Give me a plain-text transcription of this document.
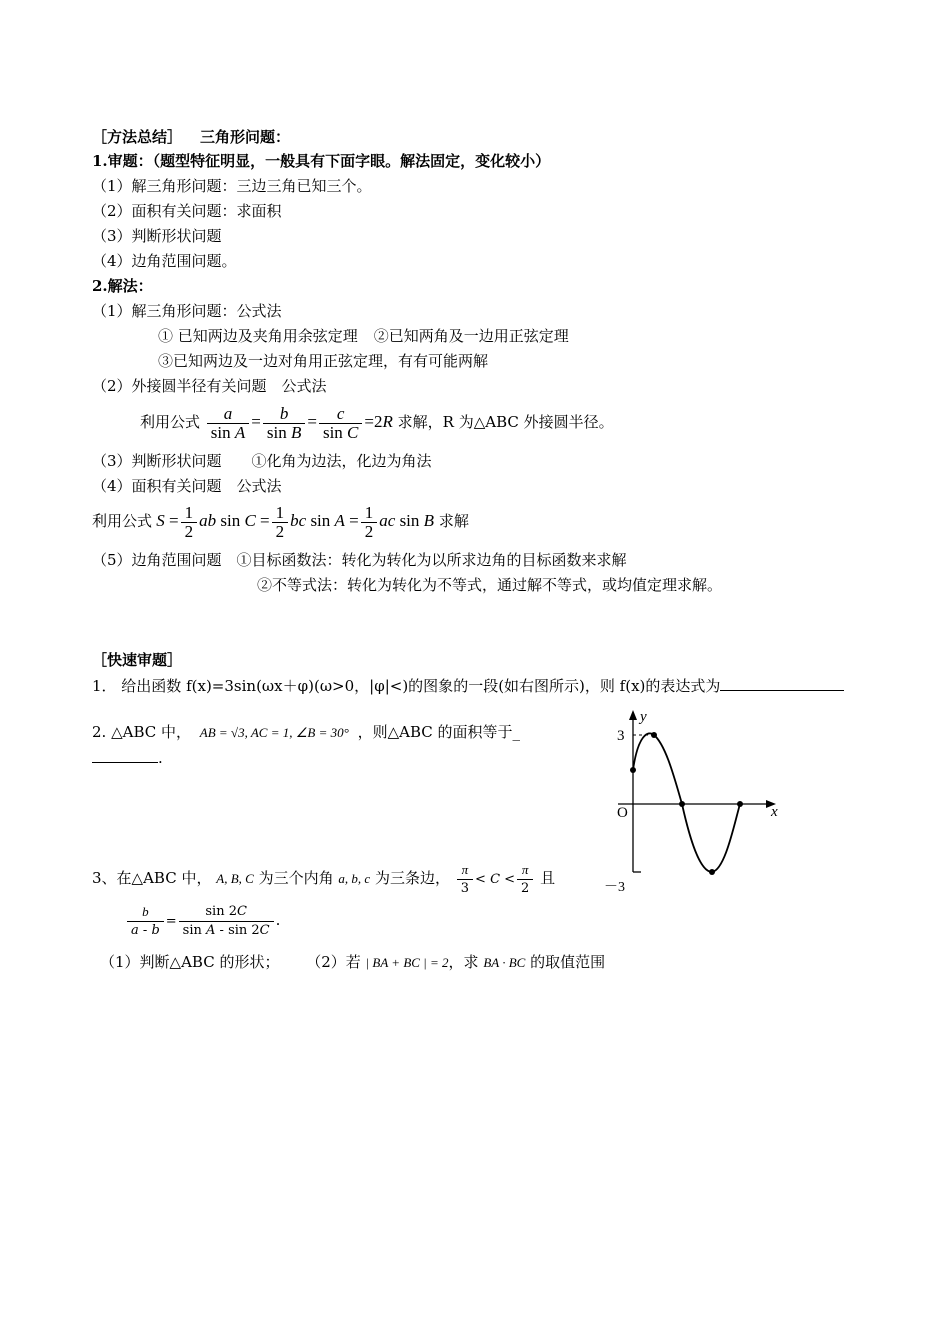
［方法总结］ 三角形问题：
1.审题：（题型特征明显，一般具有下面字眼。解法固定，变化较小）
（1）解三角形问题：三边三角已知三个。
（2）面积有关问题：求面积
（3）判断形状问题
（4）边角范围问题。
2.解法：
（1）解三角形问题：公式法
① 已知两边及夹角用余弦定理 ②已知两角及一边用正弦定理
③已知两边及一边对角用正弦定理，有有可能两解
（2）外接圆半径有关问题　公式法
利用公式 $\frac{a}{\text{sin A}} = \frac{b}{\text{sin B}} = \frac{c}{\text{sin C}} =2R$ 求解，R 为△ABC 外接圆半径。
（3）判断形状问题　　①化角为边法，化边为角法
（4）面积有关问题　公式法
利用公式 $S = \frac{1}{2}$ ab $\sin C = \frac{1}{2}$ bc $\sin A = \frac{1}{2}$ ac sin B 求解
（5）边角范围问题　①目标函数法：转化为转化为以所求边角的目标函数来求解
②不等式法：转化为转化为不等式，通过解不等式，或均值定理求解。
［快速审题］
1． 给出函数 f(x)=3sin(ωx＋φ)(ω>0，|φ|<)的图象的一段(如右图所示)，则 f(x)的表达式为
2. △ABC 中， AB = √3, AC = 1, ∠B = 30° ，则△ABC 的面积等于_
.
3、在△ABC 中， A, B, C 为三个内角 a, b, c 为三条边， $\frac{\pi}{3} < C < \frac{\pi}{2}$ 且
$\frac{b}{a - b} = \frac{\sin 2C}{\text{sin A - sin 2C}}$ .
（1）判断△ABC 的形状； （2）若 | BA + BC | = 2，求 BA · BC 的取值范围
y
x
O
3
－3
